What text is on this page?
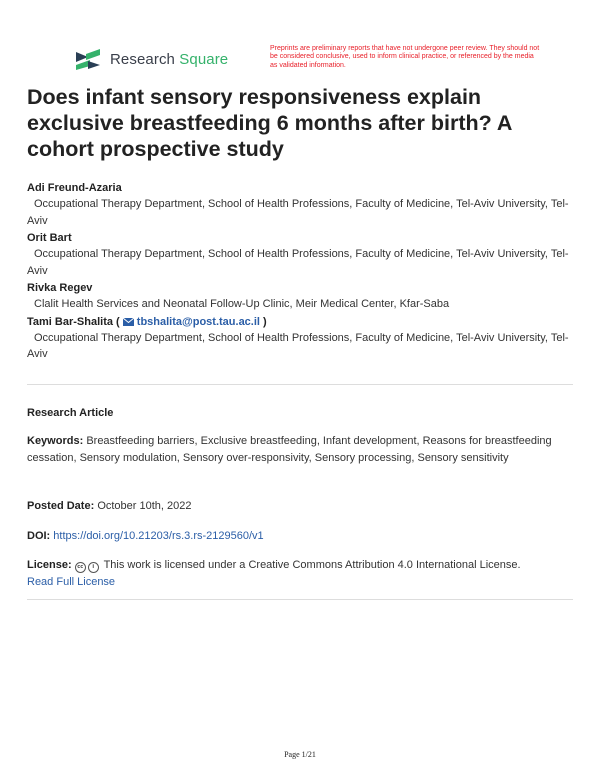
Research Square
Preprints are preliminary reports that have not undergone peer review. They should not be considered conclusive, used to inform clinical practice, or referenced by the media as validated information.
Does infant sensory responsiveness explain exclusive breastfeeding 6 months after birth? A cohort prospective study
Adi Freund-Azaria
Occupational Therapy Department, School of Health Professions, Faculty of Medicine, Tel-Aviv University, Tel-Aviv
Orit Bart
Occupational Therapy Department, School of Health Professions, Faculty of Medicine, Tel-Aviv University, Tel-Aviv
Rivka Regev
Clalit Health Services and Neonatal Follow-Up Clinic, Meir Medical Center, Kfar-Saba
Tami Bar-Shalita ( tbshalita@post.tau.ac.il )
Occupational Therapy Department, School of Health Professions, Faculty of Medicine, Tel-Aviv University, Tel-Aviv
Research Article
Keywords: Breastfeeding barriers, Exclusive breastfeeding, Infant development, Reasons for breastfeeding cessation, Sensory modulation, Sensory over-responsivity, Sensory processing, Sensory sensitivity
Posted Date: October 10th, 2022
DOI: https://doi.org/10.21203/rs.3.rs-2129560/v1
License: cc i This work is licensed under a Creative Commons Attribution 4.0 International License.
Read Full License
Page 1/21
